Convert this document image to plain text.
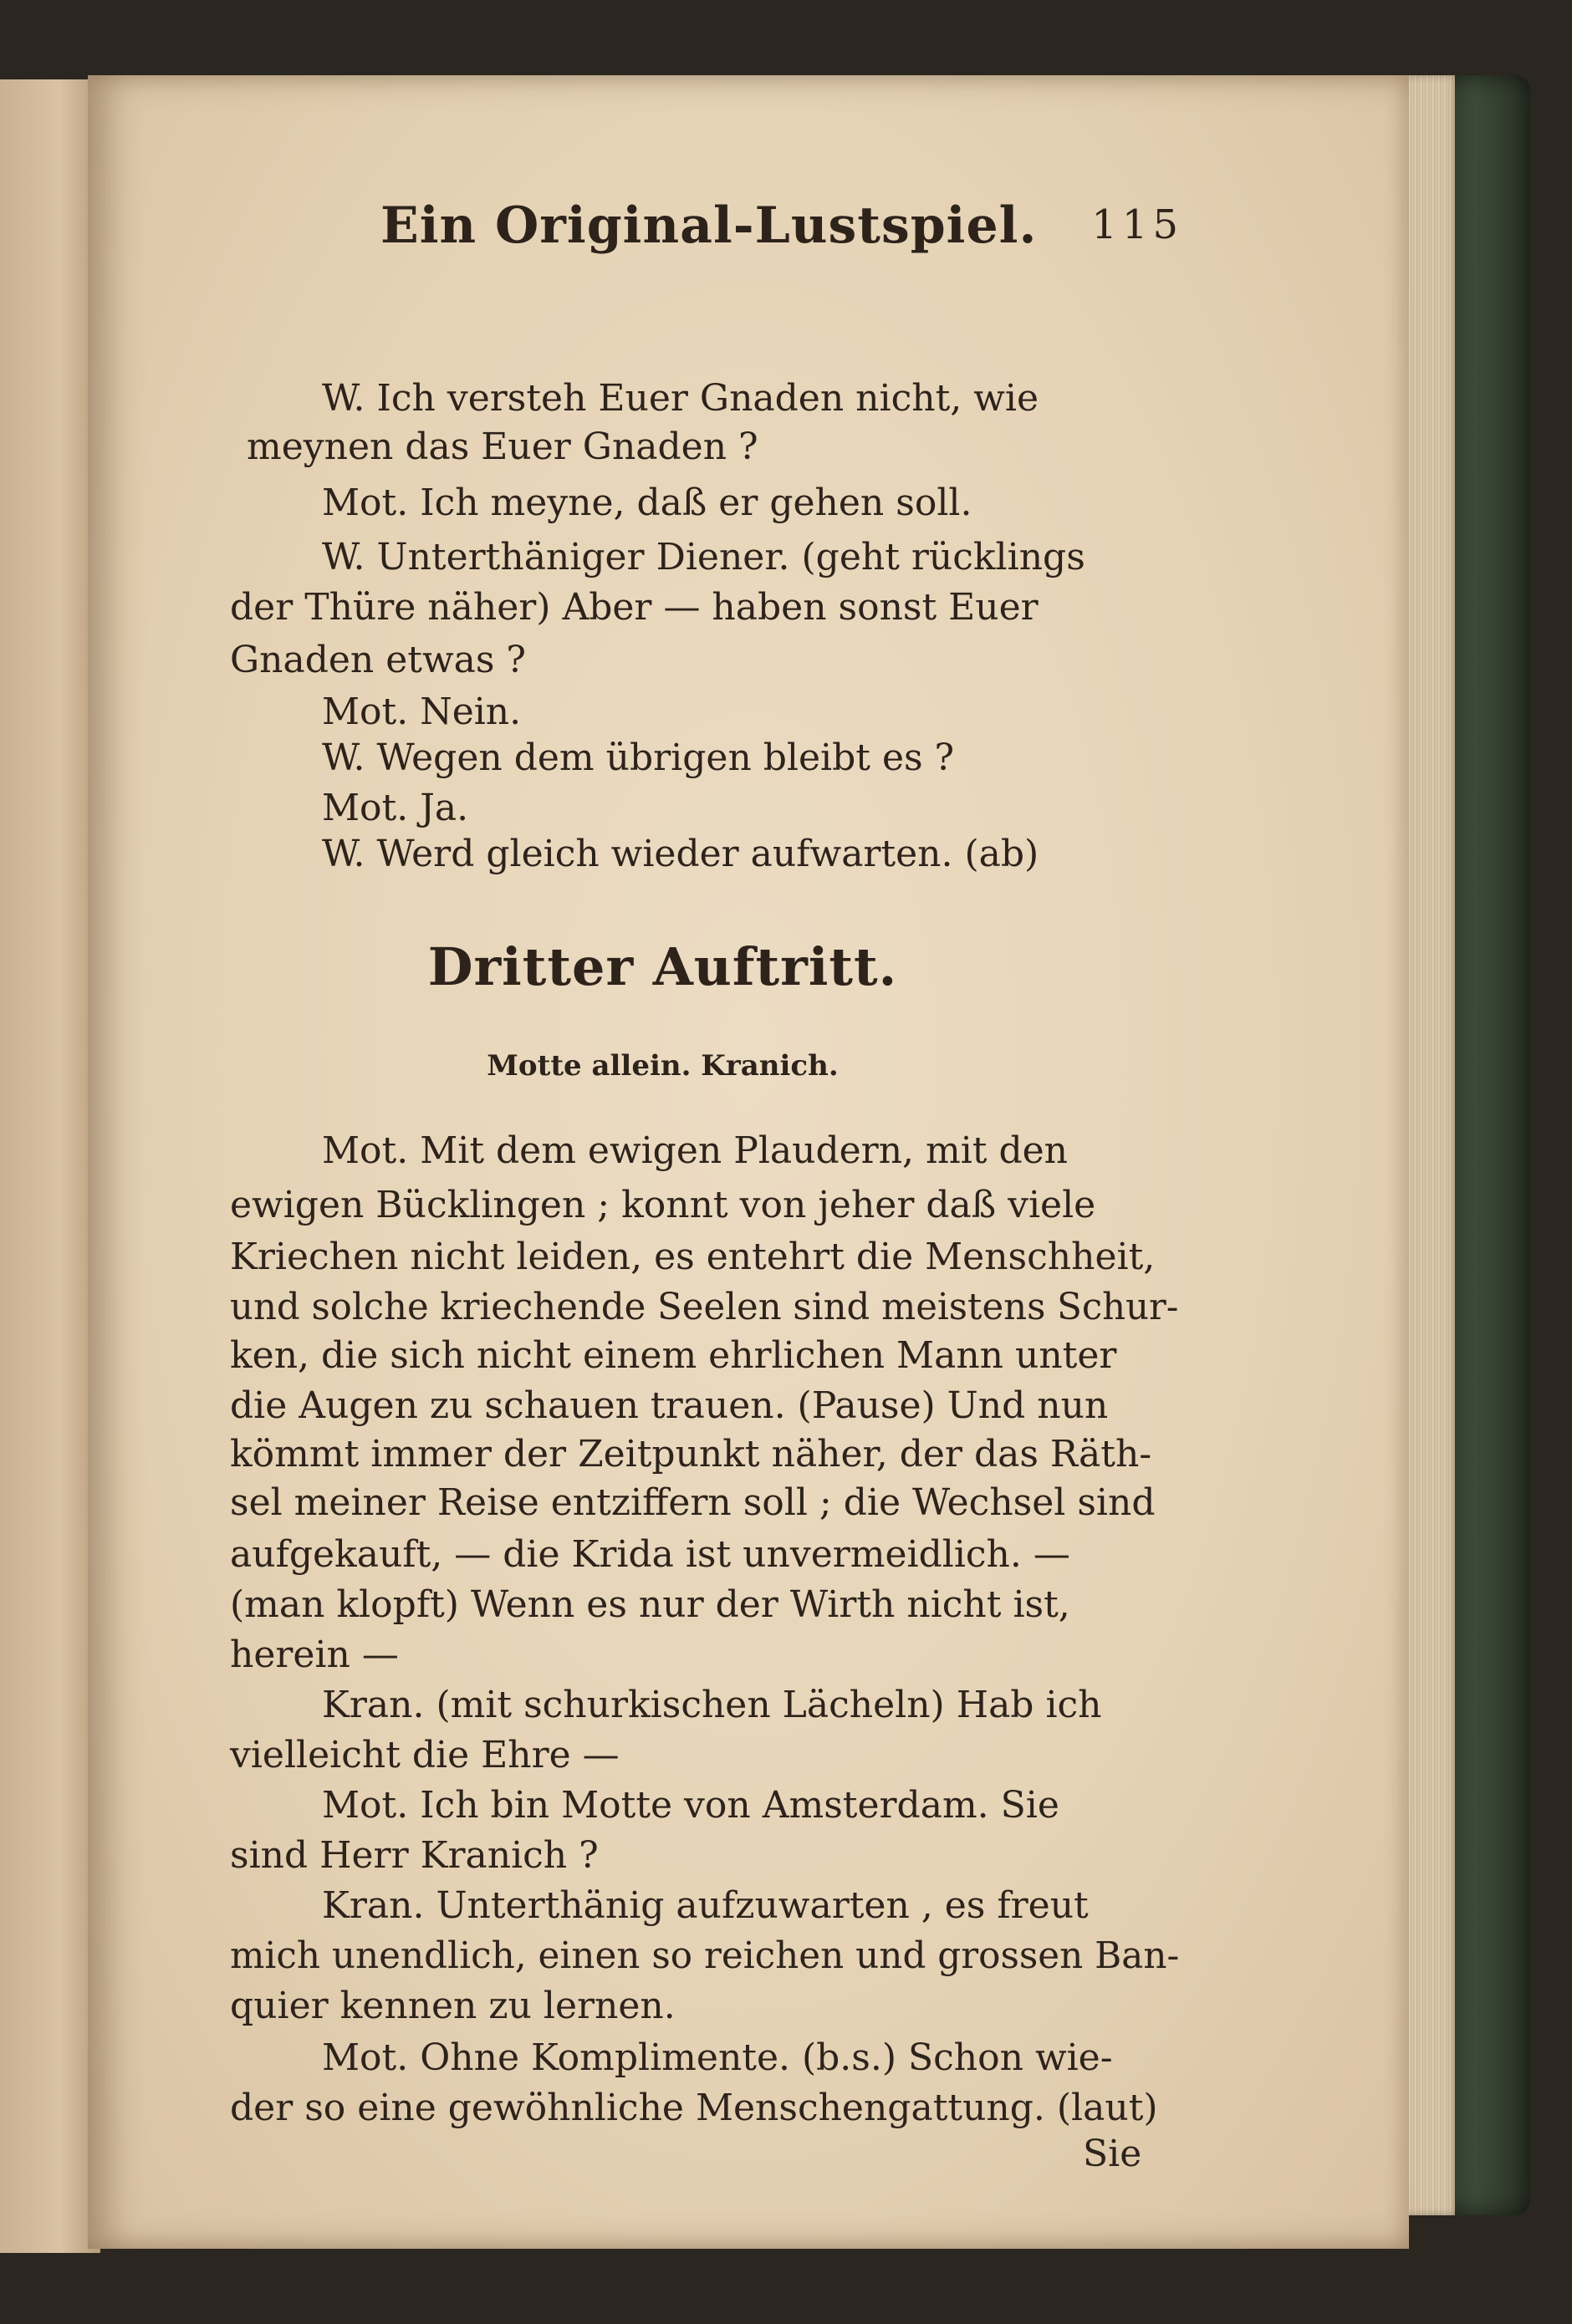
Ein Original-Lustspiel. 115
W. Ich versteh Euer Gnaden nicht, wie
meynen das Euer Gnaden ?
Mot. Ich meyne, daß er gehen soll.
W. Unterthäniger Diener. (geht rücklings
der Thüre näher) Aber — haben sonst Euer
Gnaden etwas ?
Mot. Nein.
W. Wegen dem übrigen bleibt es ?
Mot. Ja.
W. Werd gleich wieder aufwarten. (ab)
Dritter Auftritt.
Motte allein. Kranich.
Mot. Mit dem ewigen Plaudern, mit den
ewigen Bücklingen ; konnt von jeher daß viele
Kriechen nicht leiden, es entehrt die Menschheit,
und solche kriechende Seelen sind meistens Schur-
ken, die sich nicht einem ehrlichen Mann unter
die Augen zu schauen trauen. (Pause) Und nun
kömmt immer der Zeitpunkt näher, der das Räth-
sel meiner Reise entziffern soll ; die Wechsel sind
aufgekauft, — die Krida ist unvermeidlich. —
(man klopft) Wenn es nur der Wirth nicht ist,
herein —
Kran. (mit schurkischen Lächeln) Hab ich
vielleicht die Ehre —
Mot. Ich bin Motte von Amsterdam. Sie
sind Herr Kranich ?
Kran. Unterthänig aufzuwarten , es freut
mich unendlich, einen so reichen und grossen Ban-
quier kennen zu lernen.
Mot. Ohne Komplimente. (b.s.) Schon wie-
der so eine gewöhnliche Menschengattung. (laut)
Sie
